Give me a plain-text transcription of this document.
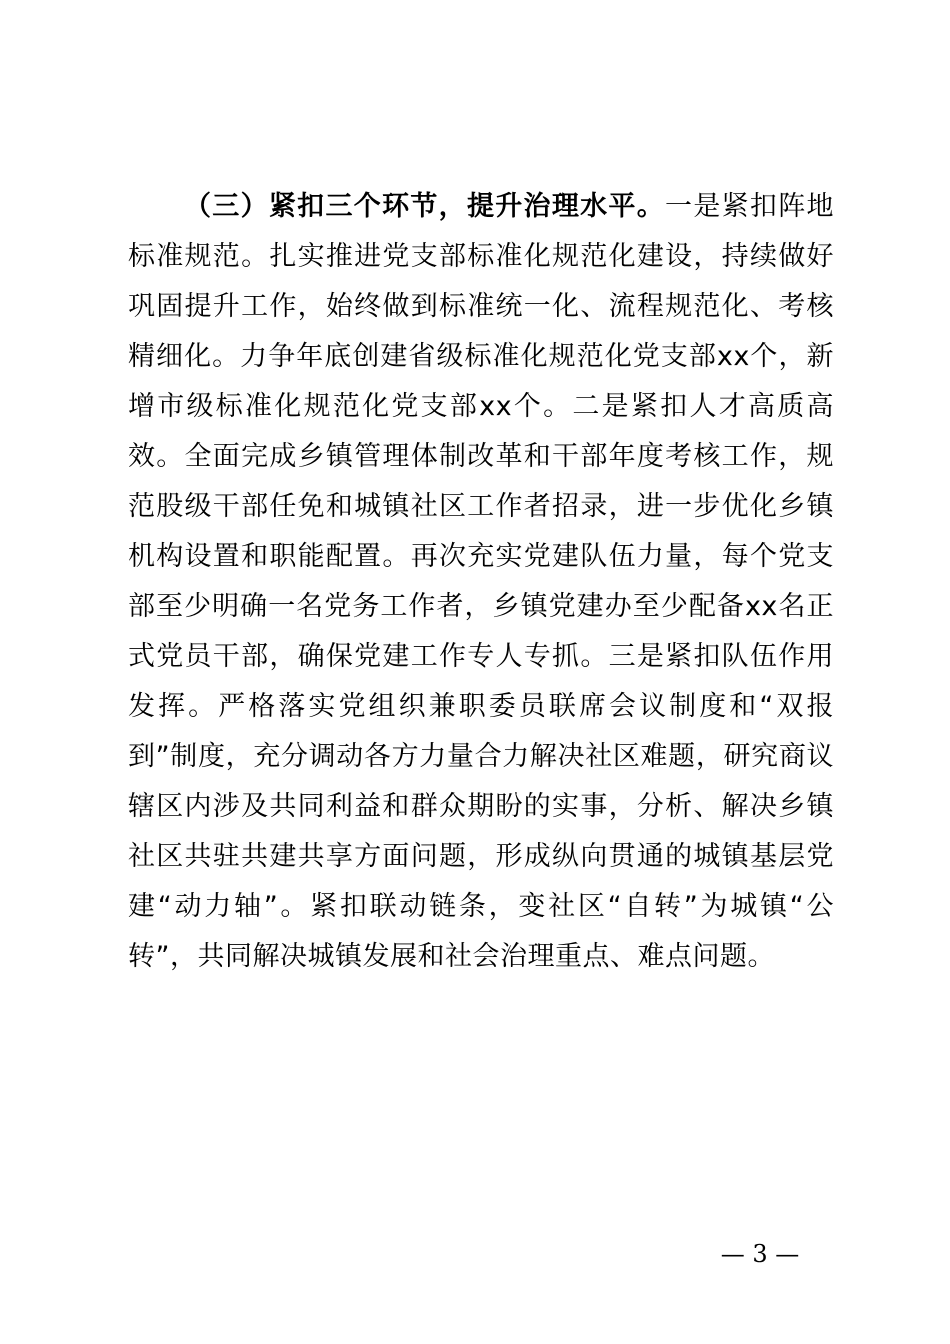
（三）紧扣三个环节，提升治理水平。一是紧扣阵地标准规范。扎实推进党支部标准化规范化建设，持续做好巩固提升工作，始终做到标准统一化、流程规范化、考核精细化。力争年底创建省级标准化规范化党支部xx个，新增市级标准化规范化党支部xx个。二是紧扣人才高质高效。全面完成乡镇管理体制改革和干部年度考核工作，规范股级干部任免和城镇社区工作者招录，进一步优化乡镇机构设置和职能配置。再次充实党建队伍力量，每个党支部至少明确一名党务工作者，乡镇党建办至少配备xx名正式党员干部，确保党建工作专人专抓。三是紧扣队伍作用发挥。严格落实党组织兼职委员联席会议制度和“双报到”制度，充分调动各方力量合力解决社区难题，研究商议辖区内涉及共同利益和群众期盼的实事，分析、解决乡镇社区共驻共建共享方面问题，形成纵向贯通的城镇基层党建“动力轴”。紧扣联动链条，变社区“自转”为城镇“公转”，共同解决城镇发展和社会治理重点、难点问题。

— 3 —
